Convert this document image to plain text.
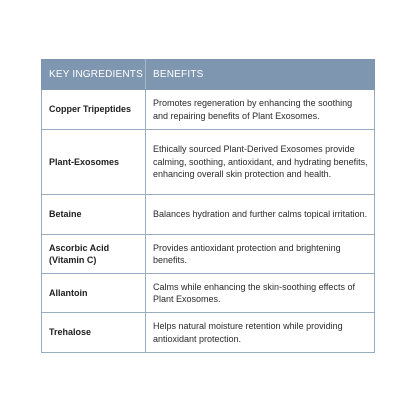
KEY INGREDIENTS	BENEFITS
Copper Tripeptides	Promotes regeneration by enhancing the soothing and repairing benefits of Plant Exosomes.
Plant-Exosomes	Ethically sourced Plant-Derived Exosomes provide calming, soothing, antioxidant, and hydrating benefits, enhancing overall skin protection and health.
Betaine	Balances hydration and further calms topical irritation.
Ascorbic Acid (Vitamin C)	Provides antioxidant protection and brightening benefits.
Allantoin	Calms while enhancing the skin-soothing effects of Plant Exosomes.
Trehalose	Helps natural moisture retention while providing antioxidant protection.
